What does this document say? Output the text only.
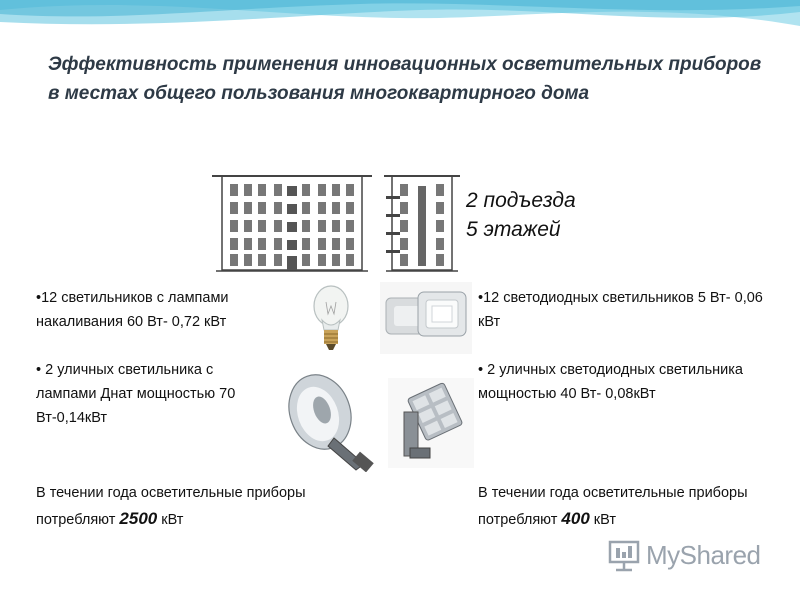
Эффективность применения инновационных осветительных приборов в местах общего пользования многоквартирного дома
2 подъезда
5 этажей
•12 светильников с лампами накаливания 60 Вт- 0,72 кВт
• 2 уличных светильника с лампами Днат мощностью 70 Вт-0,14кВт
В течении года осветительные приборы потребляют 2500 кВт
•12 светодиодных светильников 5 Вт- 0,06 кВт
• 2 уличных светодиодных светильника мощностью 40 Вт- 0,08кВт
В течении года осветительные приборы потребляют 400 кВт
MyShared
